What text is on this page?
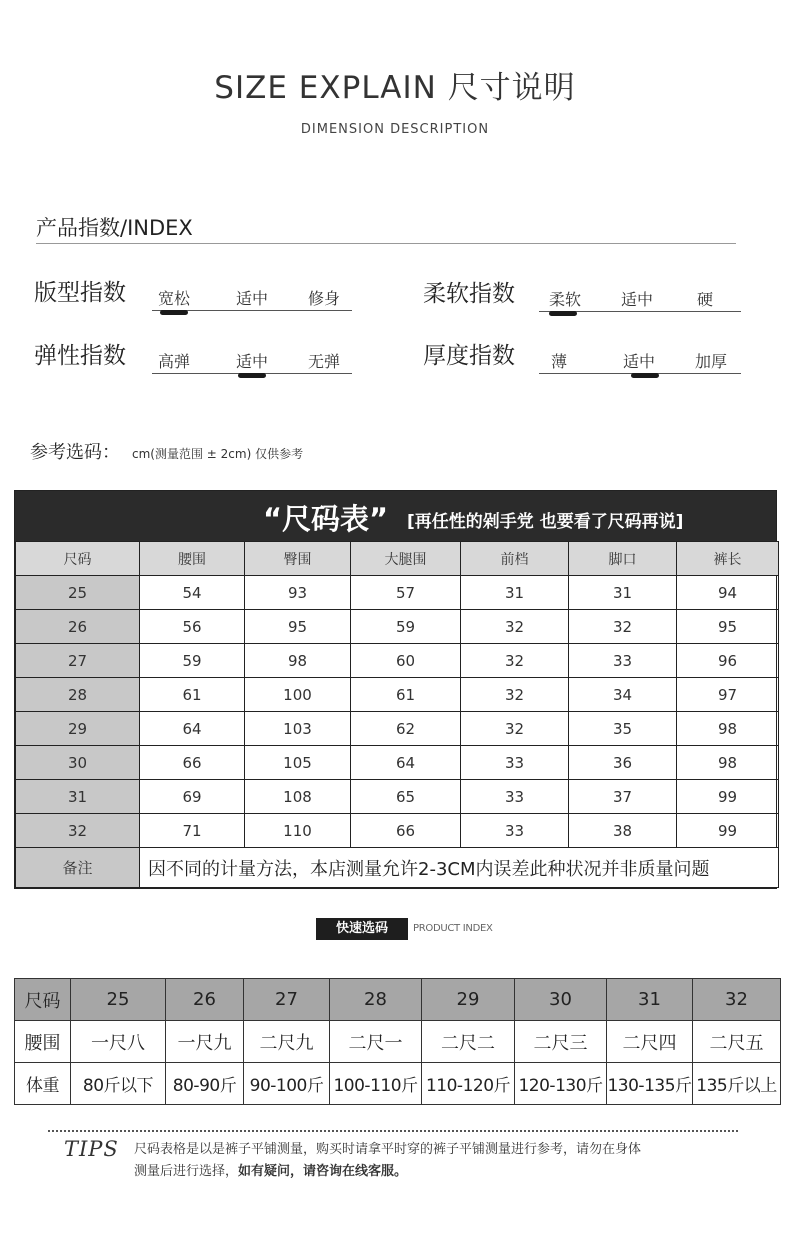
SIZE EXPLAIN 尺寸说明
DIMENSION DESCRIPTION
产品指数/INDEX
版型指数 宽松	适中 修身	柔软指数 柔软 适中	硬
弹性指数 高弹	适中 无弹	厚度指数 薄	适中 加厚
参考选码： cm(测量范围 ± 2cm) 仅供参考
“尺码表” [再任性的剁手党 也要看了尺码再说]
尺码	腰围	臀围	大腿围	前档	脚口	裤长
25	54	93	57	31	31	94
26	56	95	59	32	32	95
27	59	98	60	32	33	96
28	61	100	61	32	34	97
29	64	103	62	32	35	98
30	66	105	64	33	36	98
31	69	108	65	33	37	99
32	71	110	66	33	38	99
备注	因不同的计量方法，本店测量允许2-3CM内误差此种状况并非质量问题					
快速选码	PRODUCT INDEX
尺码	25	26	27	28	29	30	31	32
腰围	一尺八	一尺九	二尺九	二尺一	二尺二	二尺三	二尺四	二尺五
体重	80斤以下	80-90斤	90-100斤	100-110斤	110-120斤	120-130斤	130-135斤	135斤以上
TIPS 尺码表格是以是裤子平铺测量，购买时请拿平时穿的裤子平铺测量进行参考，请勿在身体
测量后进行选择，如有疑问，请咨询在线客服。
